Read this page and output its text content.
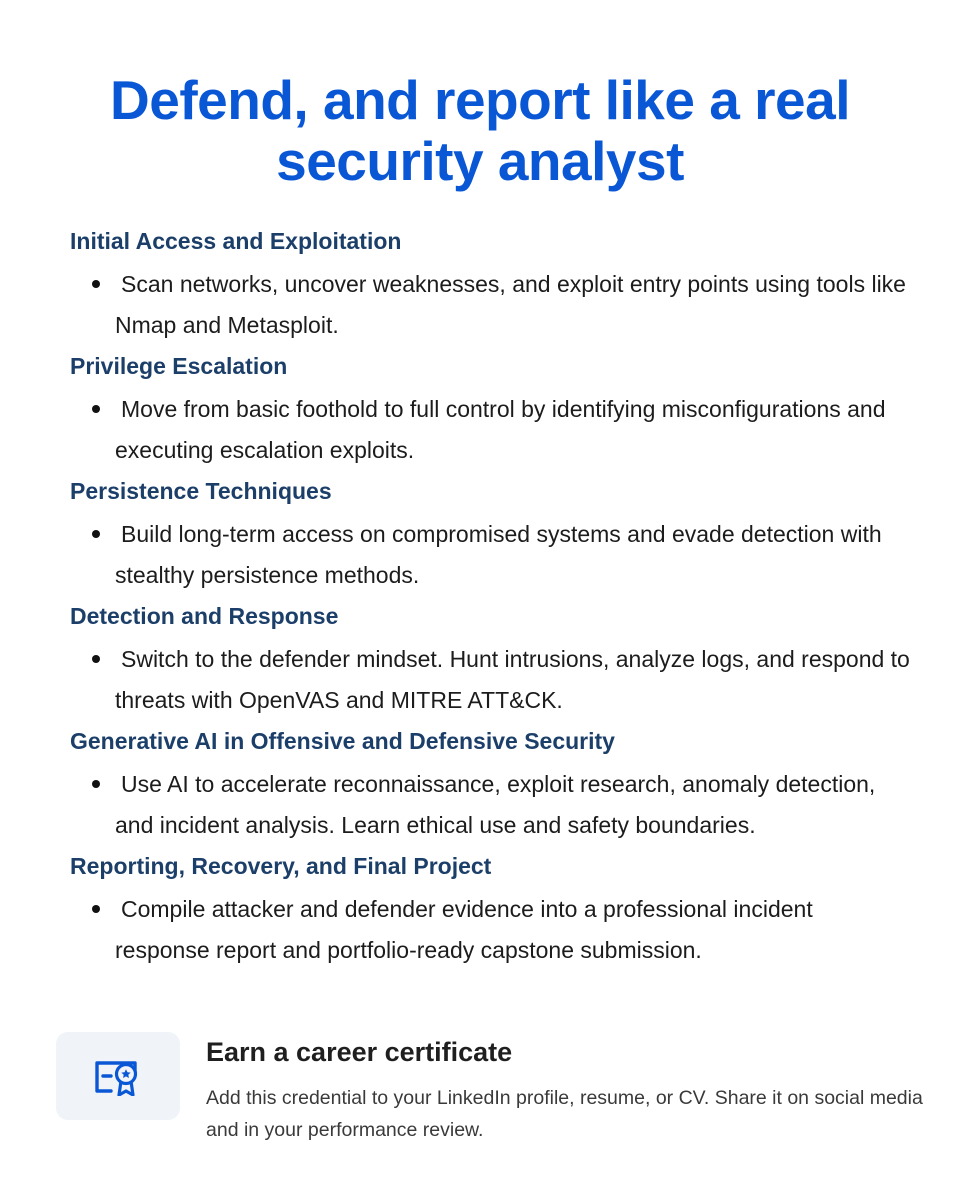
Defend, and report like a real security analyst
Initial Access and Exploitation
Scan networks, uncover weaknesses, and exploit entry points using tools like Nmap and Metasploit.
Privilege Escalation
Move from basic foothold to full control by identifying misconfigurations and executing escalation exploits.
Persistence Techniques
Build long-term access on compromised systems and evade detection with stealthy persistence methods.
Detection and Response
Switch to the defender mindset. Hunt intrusions, analyze logs, and respond to threats with OpenVAS and MITRE ATT&CK.
Generative AI in Offensive and Defensive Security
Use AI to accelerate reconnaissance, exploit research, anomaly detection, and incident analysis. Learn ethical use and safety boundaries.
Reporting, Recovery, and Final Project
Compile attacker and defender evidence into a professional incident response report and portfolio-ready capstone submission.
Earn a career certificate

Add this credential to your LinkedIn profile, resume, or CV. Share it on social media and in your performance review.
